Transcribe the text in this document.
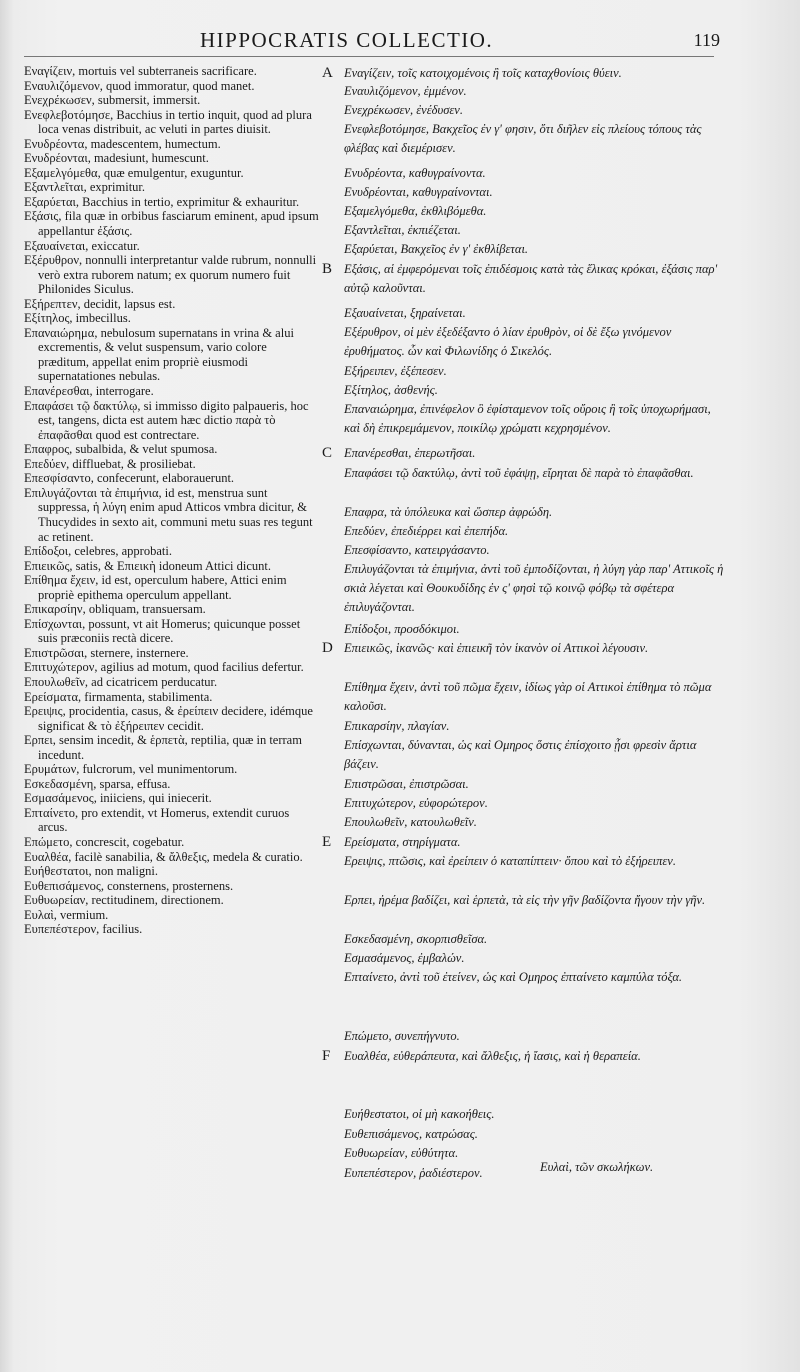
HIPPOCRATIS COLLECTIO.	119
Εναγίζειν, mortuis vel subterraneis sacrificare.
Εναυλιζόμενον, quod immoratur, quod manet.
Ενεχρέκωσεν, submersit, immersit.
Ενεφλεβοτόμησε, Bacchius in tertio inquit, quod ad plura loca venas distribuit, ac veluti in partes diuisit.
Ενυδρέοντα, madescentem, humectum.
Ενυδρέονται, madesiunt, humescunt.
Εξαμελγόμεθα, quæ emulgentur, exuguntur.
Εξαντλεῖται, exprimitur.
Εξαρύεται, Bacchius in tertio, exprimitur & exhauritur.
Εξάσις, fila quæ in orbibus fasciarum eminent, apud ipsum appellantur ἐξάσις.
Εξαυαίνεται, exiccatur.
Εξέρυθρον, nonnulli interpretantur valde rubrum, nonnulli verò extra ruborem natum; ex quorum numero fuit Philonides Siculus.
Εξήρεπτεν, decidit, lapsus est.
Εξίτηλος, imbecillus.
Επαναιώρημα, nebulosum supernatans in vrina & alui excrementis, & velut suspensum, vario colore præditum, appellat enim propriè eiusmodi supernatationes nebulas.
Επανέρεσθαι, interrogare.
Επαφάσει τῷ δακτύλῳ, si immisso digito palpaueris, hoc est, tangens, dicta est autem hæc dictio παρὰ τὸ ἐπαφᾶσθαι quod est contrectare.
Επαφρος, subalbida, & velut spumosa.
Επεδύεν, diffluebat, & prosiliebat.
Επεσφίσαντο, confecerunt, elaborauerunt.
Επιλυγάζονται τὰ ἐπιμήνια, id est, menstrua sunt suppressa, ἡ λύγη enim apud Atticos vmbra dicitur, & Thucydides in sexto ait, communi metu suas res tegunt ac retinent.
Επίδοξοι, celebres, approbati.
Επιεικῶς, satis, & Επιεικὴ idoneum Attici dicunt.
Επίθημα ἔχειν, id est, operculum habere, Attici enim propriè epithema operculum appellant.
Επικαρσίην, obliquam, transuersam.
Επίσχωνται, possunt, vt ait Homerus; quicunque posset suis præconiis rectà dicere.
Επιστρῶσαι, sternere, insternere.
Επιτυχώτερον, agilius ad motum, quod facilius defertur.
Επουλωθεῖν, ad cicatricem perducatur.
Ερείσματα, firmamenta, stabilimenta.
Ερειψις, procidentia, casus, & ἐρείπειν decidere, idémque significat & τὸ ἐξήρειπεν cecidit.
Ερπει, sensim incedit, & ἑρπετὰ, reptilia, quæ in terram incedunt.
Ερυμάτων, fulcrorum, vel munimentorum.
Εσκεδασμένη, sparsa, effusa.
Εσμασάμενος, iniiciens, qui iniecerit.
Επταίνετο, pro extendit, vt Homerus, extendit curuos arcus.
Επώμετο, concrescit, cogebatur.
Ευαλθέα, facilè sanabilia, & ἄλθεξις, medela & curatio.
Ευήθεστατοι, non maligni.
Ευθεπισάμενος, consternens, prosternens.
Ευθυωρείαν, rectitudinem, directionem.
Ευλαὶ, vermium.
Ευπεπέστερον, facilius.
A Εναγίζειν, τοῖς κατοιχομένοις ἢ τοῖς καταχθονίοις θύειν.
Εναυλιζόμενον, ἐμμένον.
Ενεχρέκωσεν, ἐνέδυσεν.
Ενεφλεβοτόμησε, Βακχεῖος ἐν γ' φησιν, ὅτι διῆλεν εἰς πλείους τόπους τὰς φλέβας καὶ διεμέρισεν.
Ενυδρέοντα, καθυγραίνοντα.
Ενυδρέονται, καθυγραίνονται.
Εξαμελγόμεθα, ἐκθλιβόμεθα.
Εξαντλεῖται, ἐκπιέζεται.
Εξαρύεται, Βακχεῖος ἐν γ' ἐκθλίβεται.
B Εξάσις, αἱ ἐμφερόμεναι τοῖς ἐπιδέσμοις κατὰ τὰς ἕλικας κρόκαι, ἐξάσις παρ' αὐτῷ καλοῦνται.
Εξαυαίνεται, ξηραίνεται.
Εξέρυθρον, οἱ μὲν ἐξεδέξαντο ὁ λίαν ἐρυθρὸν, οἱ δὲ ἔξω γινόμενον ἐρυθήματος. ὧν καὶ Φιλωνίδης ὁ Σικελός.
Εξήρειπεν, ἐξέπεσεν.
Εξίτηλος, ἀσθενής.
Επαναιώρημα, ἐπινέφελον ὃ ἐφίσταμενον τοῖς οὔροις ἢ τοῖς ὑποχωρήμασι, καὶ δὴ ἐπικρεμάμενον, ποικίλῳ χρώματι κεχρησμένον.
C Επανέρεσθαι, ἐπερωτῆσαι.
Επαφάσει τῷ δακτύλῳ, ἀντὶ τοῦ ἐφάψῃ, εἴρηται δὲ παρὰ τὸ ἐπαφᾶσθαι.
Επαφρα, τὰ ὑπόλευκα καὶ ὥσπερ ἀφρώδη.
Επεδύεν, ἐπεδιέρρει καὶ ἐπεπήδα.
Επεσφίσαντο, κατειργάσαντο.
Επιλυγάζονται τὰ ἐπιμήνια, ἀντὶ τοῦ ἐμποδίζονται, ἡ λύγη γὰρ παρ' Αττικοῖς ἡ σκιὰ λέγεται καὶ Θουκυδίδης ἐν ς' φησὶ τῷ κοινῷ φόβῳ τὰ σφέτερα ἐπιλυγάζονται.
Επίδοξοι, προσδόκιμοι.
D Επιεικῶς, ἱκανῶς· καὶ ἐπιεικῆ τὸν ἱκανὸν οἱ Αττικοὶ λέγουσιν.
Επίθημα ἔχειν, ἀντὶ τοῦ πῶμα ἔχειν, ἰδίως γὰρ οἱ Αττικοὶ ἐπίθημα τὸ πῶμα καλοῦσι.
Επικαρσίην, πλαγίαν.
Επίσχωνται, δύνανται, ὡς καὶ Ομηρος ὅστις ἐπίσχοιτο ᾗσι φρεσὶν ἄρτια βάζειν.
Επιστρῶσαι, ἐπιστρῶσαι.
Επιτυχώτερον, εὐφορώτερον.
Επουλωθεῖν, κατουλωθεῖν.
E Ερείσματα, στηρίγματα.
Ερειψις, πτῶσις, καὶ ἐρείπειν ὁ καταπίπτειν· ὅπου καὶ τὸ ἐξήρειπεν.
Ερπει, ἠρέμα βαδίζει, καὶ ἑρπετὰ, τὰ εἰς τὴν γῆν βαδίζοντα ἤγουν τὴν γῆν.
Εσκεδασμένη, σκορπισθεῖσα.
Εσμασάμενος, ἐμβαλών.
Επταίνετο, ἀντὶ τοῦ ἐτείνεν, ὡς καὶ Ομηρος ἐπταίνετο καμπύλα τόξα.
Επώμετο, συνεπήγνυτο.
F Ευαλθέα, εὐθεράπευτα, καὶ ἄλθεξις, ἡ ἴασις, καὶ ἡ θεραπεία.
Ευήθεστατοι, οἱ μὴ κακοήθεις.
Ευθεπισάμενος, κατρώσας.
Ευθυωρείαν, εὐθύτητα.
Ευπεπέστερον, ῥαδιέστερον.	Ευλαὶ, τῶν σκωλήκων.
